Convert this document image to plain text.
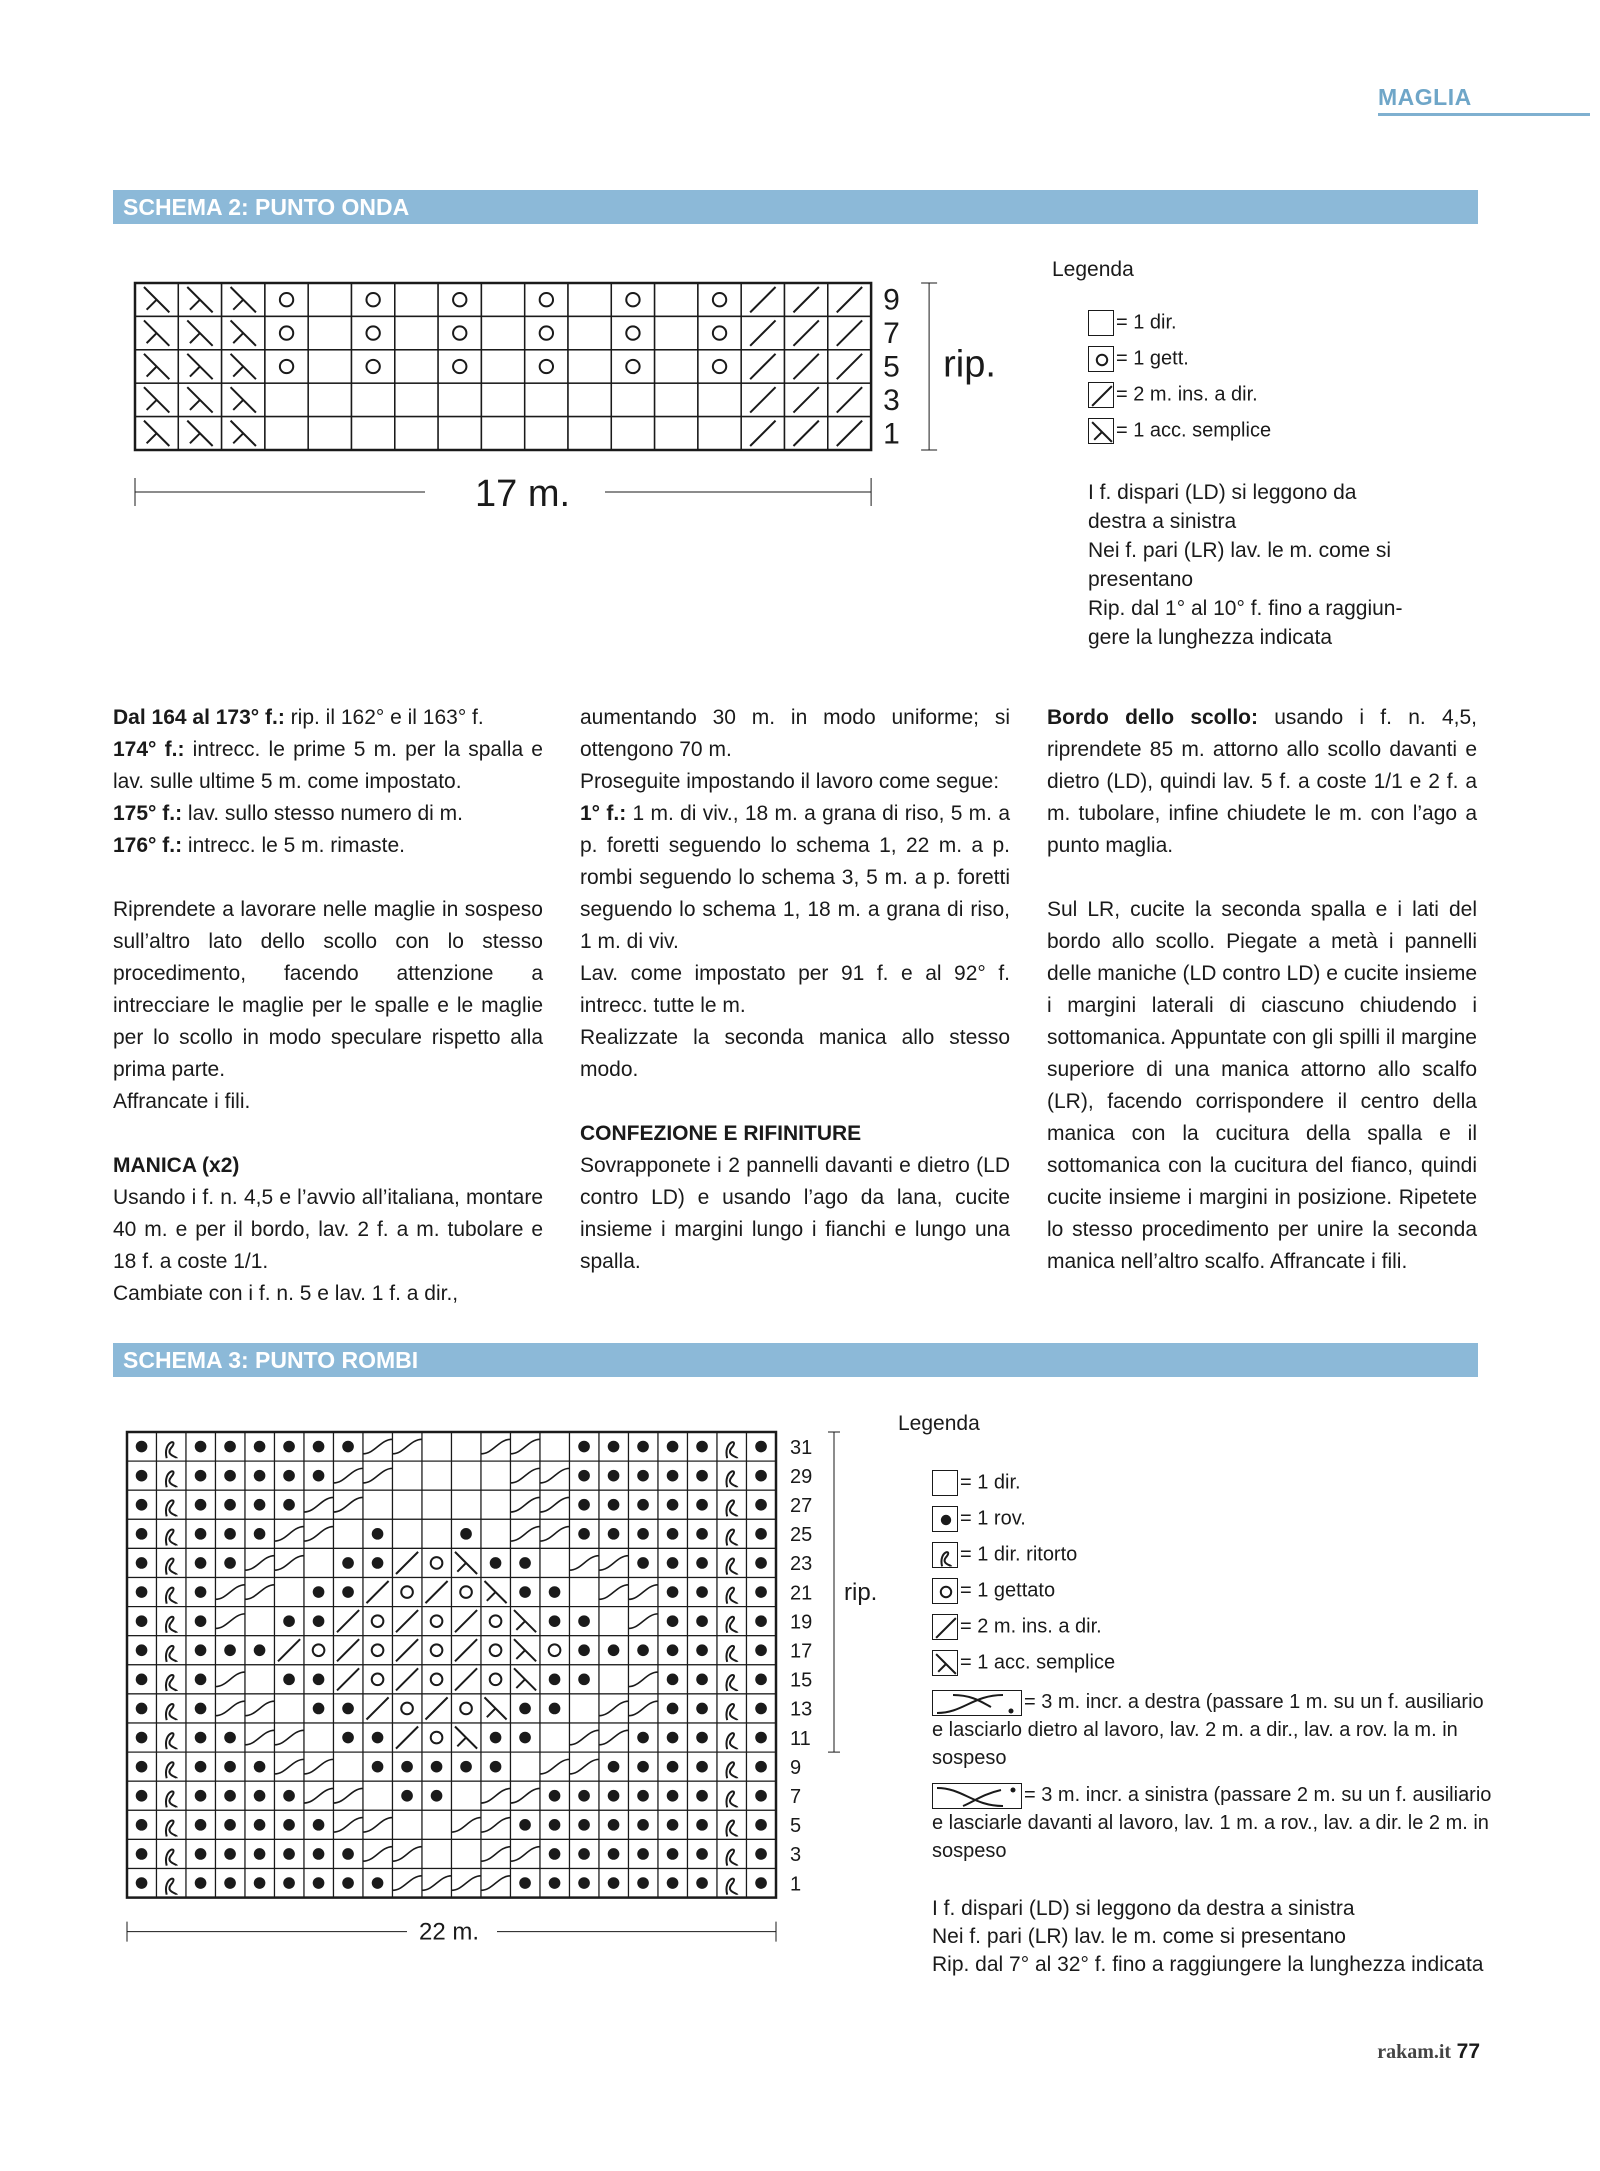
MAGLIA
SCHEMA 2: PUNTO ONDA
9
7
5
3
1
rip.
17 m.
Legenda
= 1 dir.
= 1 gett.
= 2 m. ins. a dir.
= 1 acc. semplice
I f. dispari (LD) si leggono da
destra a sinistra
Nei f. pari (LR) lav. le m. come si
presentano
Rip. dal 1° al 10° f. fino a raggiun-
gere la lunghezza indicata
Dal 164 al 173° f.: rip. il 162° e il 163° f.
174° f.: intrecc. le prime 5 m. per la spalla e lav. sulle ultime 5 m. come impostato.
175° f.: lav. sullo stesso numero di m.

176° f.: intrecc. le 5 m. rimaste.

Riprendete a lavorare nelle maglie in sospeso sull’altro lato dello scollo con lo stesso procedimento, facendo attenzione a intrecciare le maglie per le spalle e le maglie per lo scollo in modo speculare rispetto alla prima parte.

Affrancate i fili.

MANICA (x2)
Usando i f. n. 4,5 e l’avvio all’italiana, montare 40 m. e per il bordo, lav. 2 f. a m. tubolare e 18 f. a coste 1/1.
Cambiate con i f. n. 5 e lav. 1 f. a dir.,
aumentando 30 m. in modo uniforme; si ottengono 70 m.
Proseguite impostando il lavoro come segue:
1° f.: 1 m. di viv., 18 m. a grana di riso, 5 m. a p. foretti seguendo lo schema 1, 22 m. a p. rombi seguendo lo schema 3, 5 m. a p. foretti seguendo lo schema 1, 18 m. a grana di riso, 1 m. di viv.
Lav. come impostato per 91 f. e al 92° f. intrecc. tutte le m.

Realizzate la seconda manica allo stesso modo.

CONFEZIONE E RIFINITURE
Sovrapponete i 2 pannelli davanti e dietro (LD contro LD) e usando l’ago da lana, cucite insieme i margini lungo i fianchi e lungo una spalla.

Bordo dello scollo: usando i f. n. 4,5, riprendete 85 m. attorno allo scollo davanti e dietro (LD), quindi lav. 5 f. a coste 1/1 e 2 f. a m. tubolare, infine chiudete le m. con l’ago a punto maglia.

Sul LR, cucite la seconda spalla e i lati del bordo allo scollo. Piegate a metà i pannelli delle maniche (LD contro LD) e cucite insieme i margini laterali di ciascuno chiudendo i sottomanica. Appuntate con gli spilli il margine superiore di una manica attorno allo scalfo (LR), facendo corrispondere il centro della manica con la cucitura della spalla e il sottomanica con la cucitura del fianco, quindi cucite insieme i margini in posizione. Ripetete lo stesso procedimento per unire la seconda manica nell’altro scalfo. Affrancate i fili.
SCHEMA 3: PUNTO ROMBI
31
29
27
25
23
21
19
17
15
13
11
9
7
5
3
1
rip.
22 m.
Legenda
= 1 dir.
= 1 rov.
= 1 dir. ritorto
= 1 gettato
= 2 m. ins. a dir.
= 1 acc. semplice
= 3 m. incr. a destra (passare 1 m. su un f. ausiliario e lasciarlo dietro al lavoro, lav. 2 m. a dir., lav. a rov. la m. in sospeso
= 3 m. incr. a sinistra (passare 2 m. su un f. ausiliario e lasciarle davanti al lavoro, lav. 1 m. a rov., lav. a dir. le 2 m. in sospeso
I f. dispari (LD) si leggono da destra a sinistra
Nei f. pari (LR) lav. le m. come si presentano
Rip. dal 7° al 32° f. fino a raggiungere la lunghezza indicata
rakam.it 77
